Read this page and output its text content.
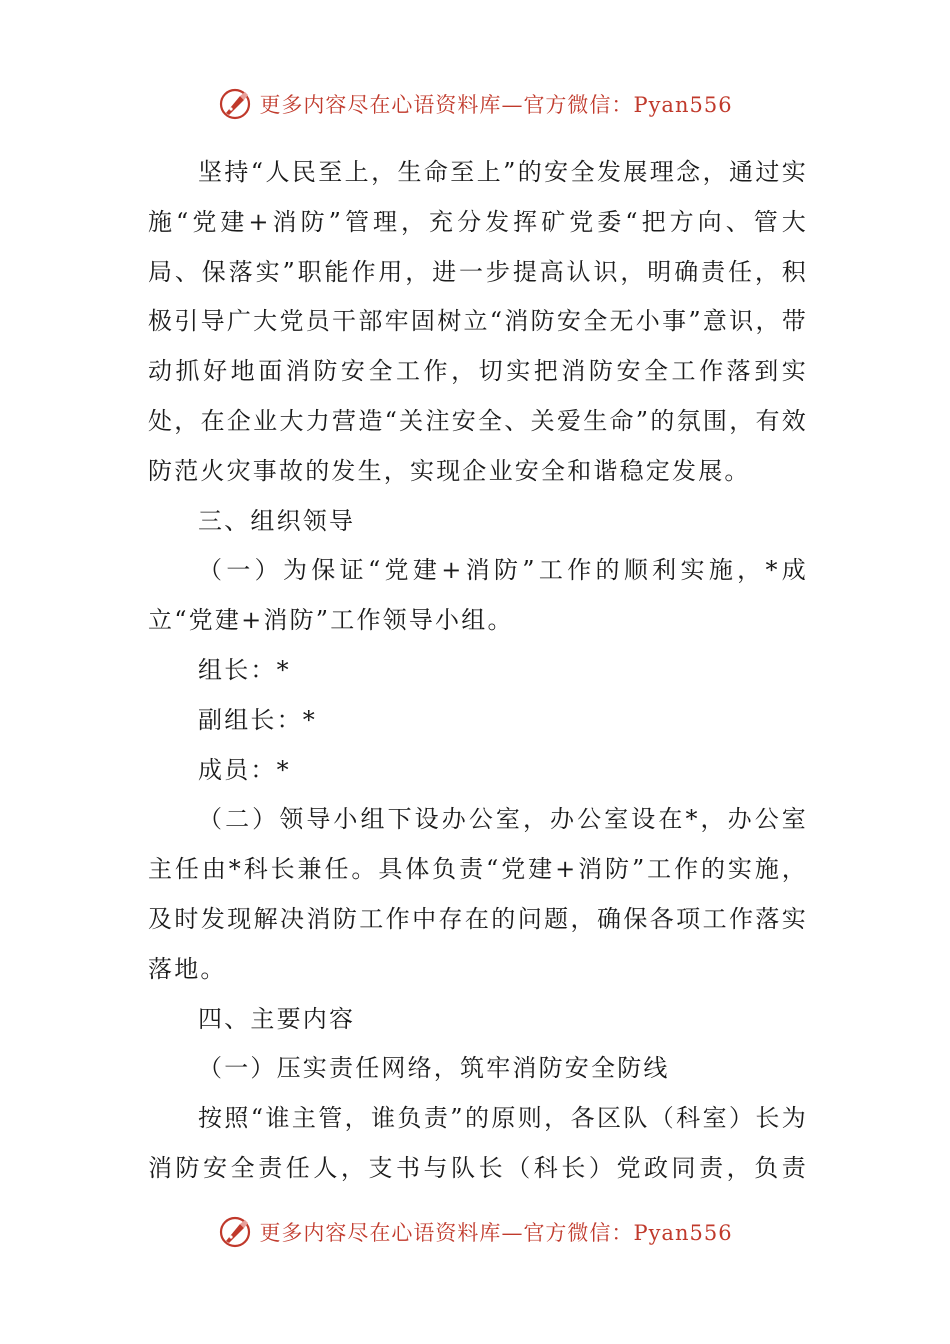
更多内容尽在心语资料库—官方微信：Pyan556

坚持“人民至上，生命至上”的安全发展理念，通过实施“党建+消防”管理，充分发挥矿党委“把方向、管大局、保落实”职能作用，进一步提高认识，明确责任，积极引导广大党员干部牢固树立“消防安全无小事”意识，带动抓好地面消防安全工作，切实把消防安全工作落到实处，在企业大力营造“关注安全、关爱生命”的氛围，有效防范火灾事故的发生，实现企业安全和谐稳定发展。

三、组织领导

（一）为保证“党建+消防”工作的顺利实施，*成立“党建+消防”工作领导小组。

组长：*

副组长：*

成员：*

（二）领导小组下设办公室，办公室设在*，办公室主任由*科长兼任。具体负责“党建+消防”工作的实施，及时发现解决消防工作中存在的问题，确保各项工作落实落地。

四、主要内容

（一）压实责任网络，筑牢消防安全防线

按照“谁主管，谁负责”的原则，各区队（科室）长为消防安全责任人，支书与队长（科长）党政同责，负责

更多内容尽在心语资料库—官方微信：Pyan556
